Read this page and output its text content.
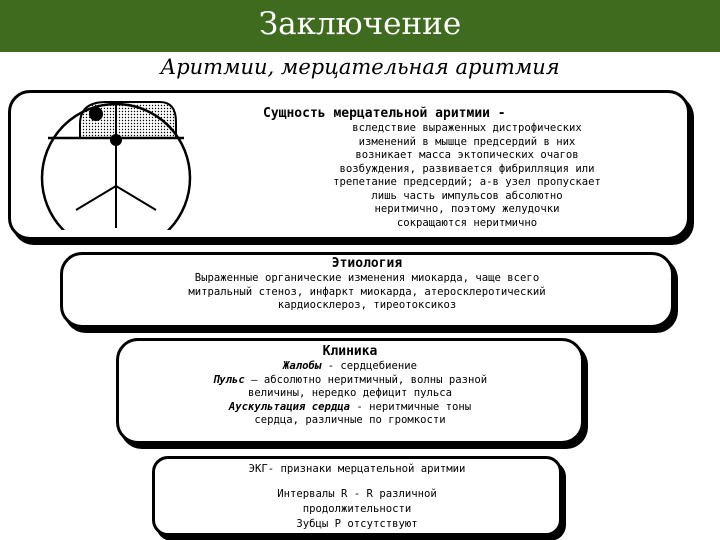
Заключение
Аритмии, мерцательная аритмия
Сущность мерцательной аритмии -
вследствие выраженных дистрофических
изменений в мышце предсердий в них
возникает масса эктопических очагов
возбуждения, развивается фибрилляция или
трепетание предсердий; а-в узел пропускает
лишь часть импульсов абсолютно
неритмично, поэтому желудочки
сокращаются неритмично
Этиология
Выраженные органические изменения миокарда, чаще всего
митральный стеноз, инфаркт миокарда, атеросклеротический
кардиосклероз, тиреотоксикоз
Клиника
Жалобы - сердцебиение
Пульс – абсолютно неритмичный, волны разной
величины, нередко дефицит пульса
Аускультация сердца - неритмичные тоны
сердца, различные по громкости
ЭКГ- признаки мерцательной аритмии
Интервалы R - R различной
продолжительности
Зубцы Р отсутствуют
